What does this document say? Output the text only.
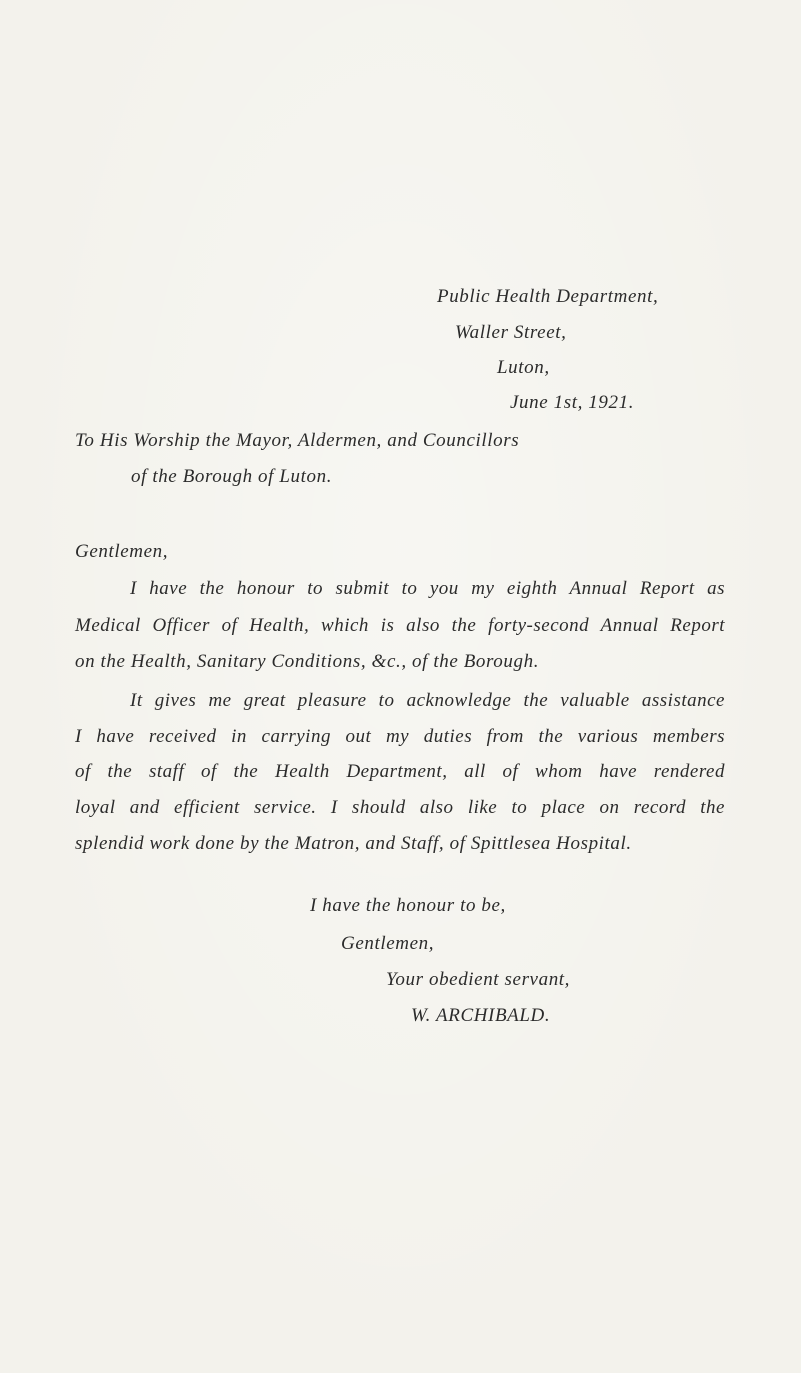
Public Health Department,
Waller Street,
Luton,
June 1st, 1921.
To His Worship the Mayor, Aldermen, and Councillors
of the Borough of Luton.
Gentlemen,
I have the honour to submit to you my eighth Annual Report as
Medical Officer of Health, which is also the forty-second Annual Report
on the Health, Sanitary Conditions, &c., of the Borough.
It gives me great pleasure to acknowledge the valuable assistance
I have received in carrying out my duties from the various members
of the staff of the Health Department, all of whom have rendered
loyal and efficient service. I should also like to place on record the
splendid work done by the Matron, and Staff, of Spittlesea Hospital.
I have the honour to be,
Gentlemen,
Your obedient servant,
W. ARCHIBALD.
